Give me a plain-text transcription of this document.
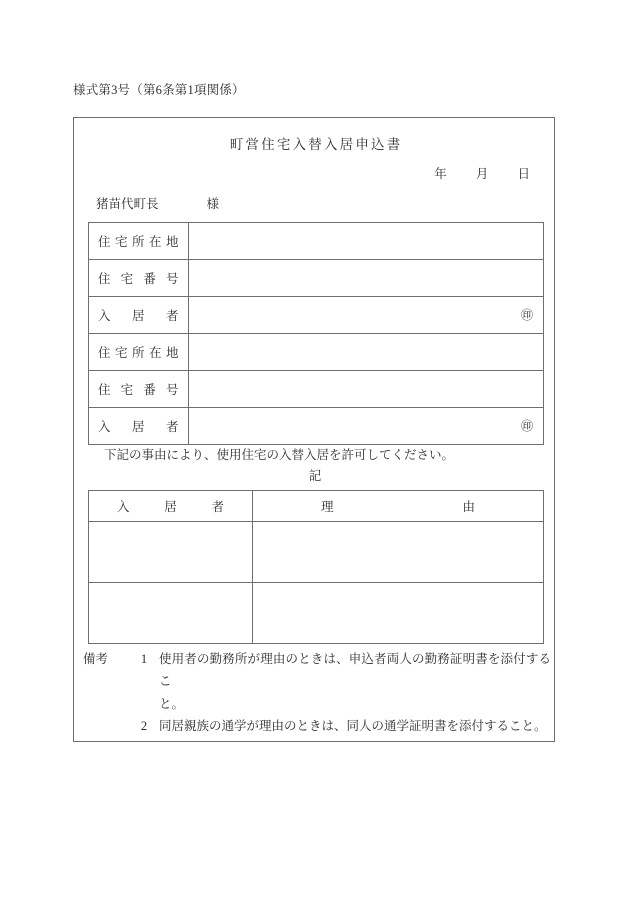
様式第3号（第6条第1項関係）
町営住宅入替入居申込書
年 月 日
猪苗代町長	様
住宅所在地	

住宅番号	

入居者	㊞

住宅所在地	

住宅番号	

入居者	㊞
下記の事由により、使用住宅の入替入居を許可してください。
記
入居者	理由

備考	1 使用者の勤務所が理由のときは、申込者両人の勤務証明書を添付するこ
と。
2 同居親族の通学が理由のときは、同人の通学証明書を添付すること。
